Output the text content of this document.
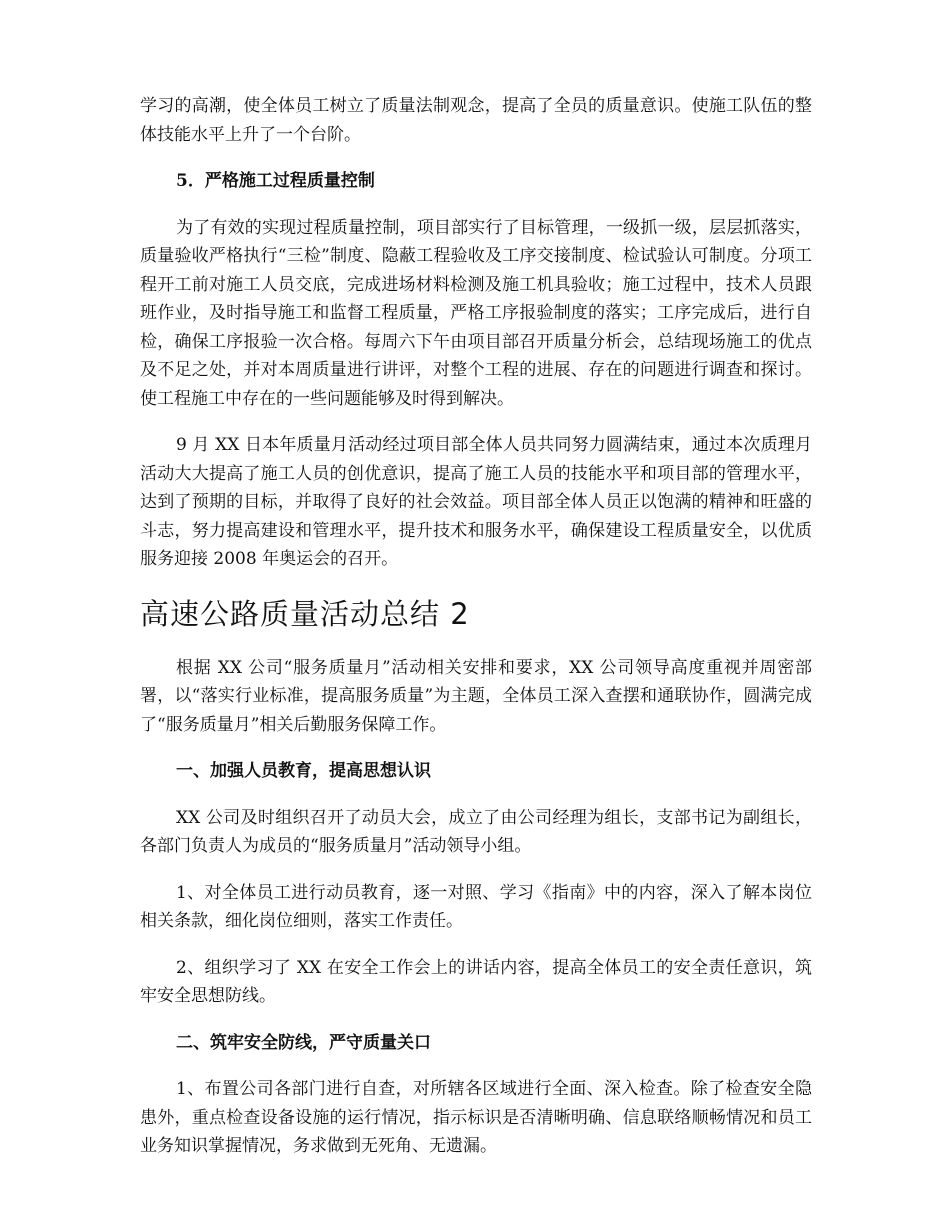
学习的高潮，使全体员工树立了质量法制观念，提高了全员的质量意识。使施工队伍的整体技能水平上升了一个台阶。

5．严格施工过程质量控制

为了有效的实现过程质量控制，项目部实行了目标管理，一级抓一级，层层抓落实，质量验收严格执行“三检”制度、隐蔽工程验收及工序交接制度、检试验认可制度。分项工程开工前对施工人员交底，完成进场材料检测及施工机具验收；施工过程中，技术人员跟班作业，及时指导施工和监督工程质量，严格工序报验制度的落实；工序完成后，进行自检，确保工序报验一次合格。每周六下午由项目部召开质量分析会，总结现场施工的优点及不足之处，并对本周质量进行讲评，对整个工程的进展、存在的问题进行调查和探讨。使工程施工中存在的一些问题能够及时得到解决。

9 月 XX 日本年质量月活动经过项目部全体人员共同努力圆满结束，通过本次质理月活动大大提高了施工人员的创优意识，提高了施工人员的技能水平和项目部的管理水平，达到了预期的目标，并取得了良好的社会效益。项目部全体人员正以饱满的精神和旺盛的斗志，努力提高建设和管理水平，提升技术和服务水平，确保建设工程质量安全，以优质服务迎接 2008 年奥运会的召开。

高速公路质量活动总结 2

根据 XX 公司“服务质量月”活动相关安排和要求，XX 公司领导高度重视并周密部署，以“落实行业标准，提高服务质量”为主题，全体员工深入查摆和通联协作，圆满完成了“服务质量月”相关后勤服务保障工作。

一、加强人员教育，提高思想认识

XX 公司及时组织召开了动员大会，成立了由公司经理为组长，支部书记为副组长，各部门负责人为成员的“服务质量月”活动领导小组。

1、对全体员工进行动员教育，逐一对照、学习《指南》中的内容，深入了解本岗位相关条款，细化岗位细则，落实工作责任。

2、组织学习了 XX 在安全工作会上的讲话内容，提高全体员工的安全责任意识，筑牢安全思想防线。

二、筑牢安全防线，严守质量关口

1、布置公司各部门进行自查，对所辖各区域进行全面、深入检查。除了检查安全隐患外，重点检查设备设施的运行情况，指示标识是否清晰明确、信息联络顺畅情况和员工业务知识掌握情况，务求做到无死角、无遗漏。
